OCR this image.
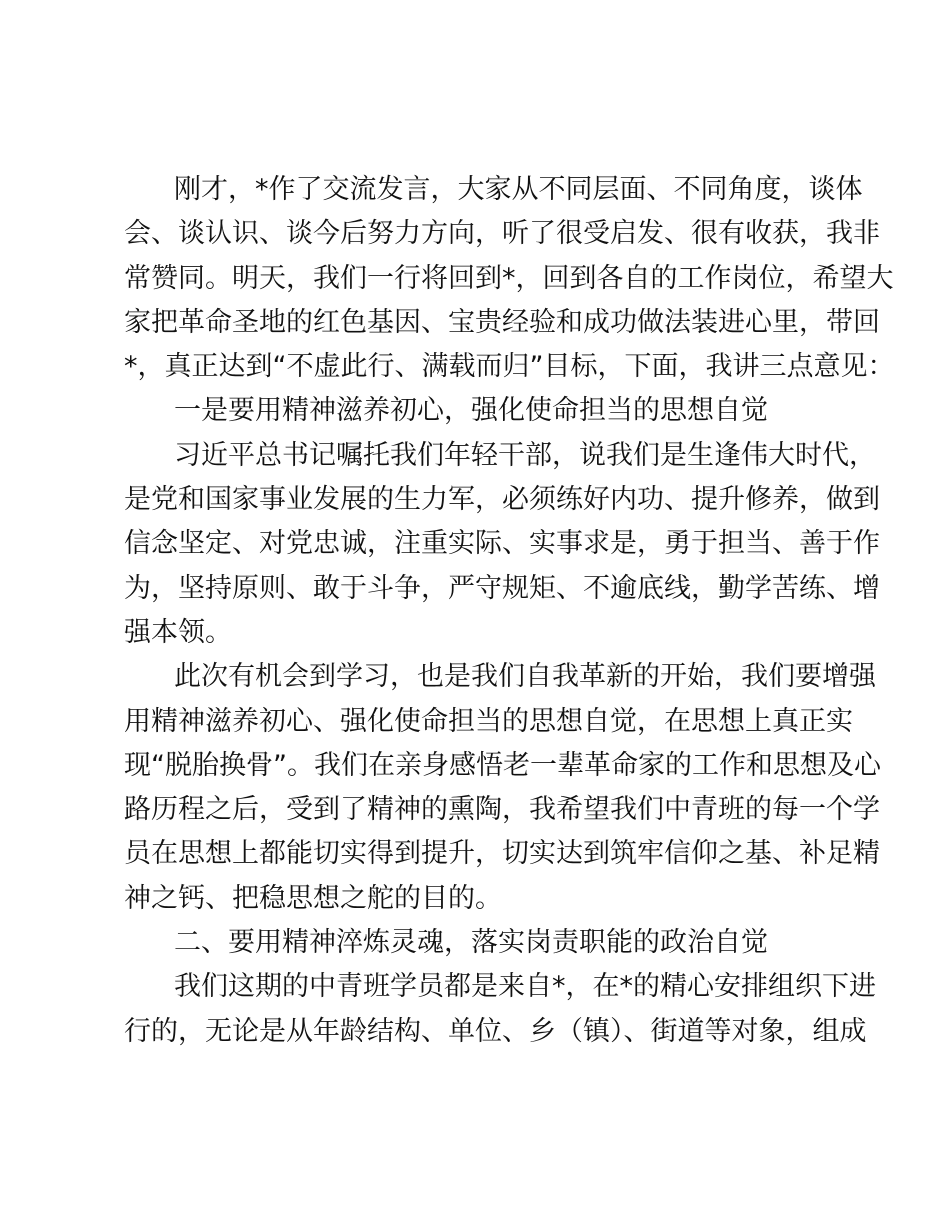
刚才，*作了交流发言，大家从不同层面、不同角度，谈体
会、谈认识、谈今后努力方向，听了很受启发、很有收获，我非
常赞同。明天，我们一行将回到*，回到各自的工作岗位，希望大
家把革命圣地的红色基因、宝贵经验和成功做法装进心里，带回
*，真正达到“不虚此行、满载而归”目标，下面，我讲三点意见：
一是要用精神滋养初心，强化使命担当的思想自觉
习近平总书记嘱托我们年轻干部，说我们是生逢伟大时代，
是党和国家事业发展的生力军，必须练好内功、提升修养，做到
信念坚定、对党忠诚，注重实际、实事求是，勇于担当、善于作
为，坚持原则、敢于斗争，严守规矩、不逾底线，勤学苦练、增
强本领。
此次有机会到学习，也是我们自我革新的开始，我们要增强
用精神滋养初心、强化使命担当的思想自觉，在思想上真正实
现“脱胎换骨”。我们在亲身感悟老一辈革命家的工作和思想及心
路历程之后，受到了精神的熏陶，我希望我们中青班的每一个学
员在思想上都能切实得到提升，切实达到筑牢信仰之基、补足精
神之钙、把稳思想之舵的目的。
二、要用精神淬炼灵魂，落实岗责职能的政治自觉
我们这期的中青班学员都是来自*，在*的精心安排组织下进
行的，无论是从年龄结构、单位、乡（镇）、街道等对象，组成
